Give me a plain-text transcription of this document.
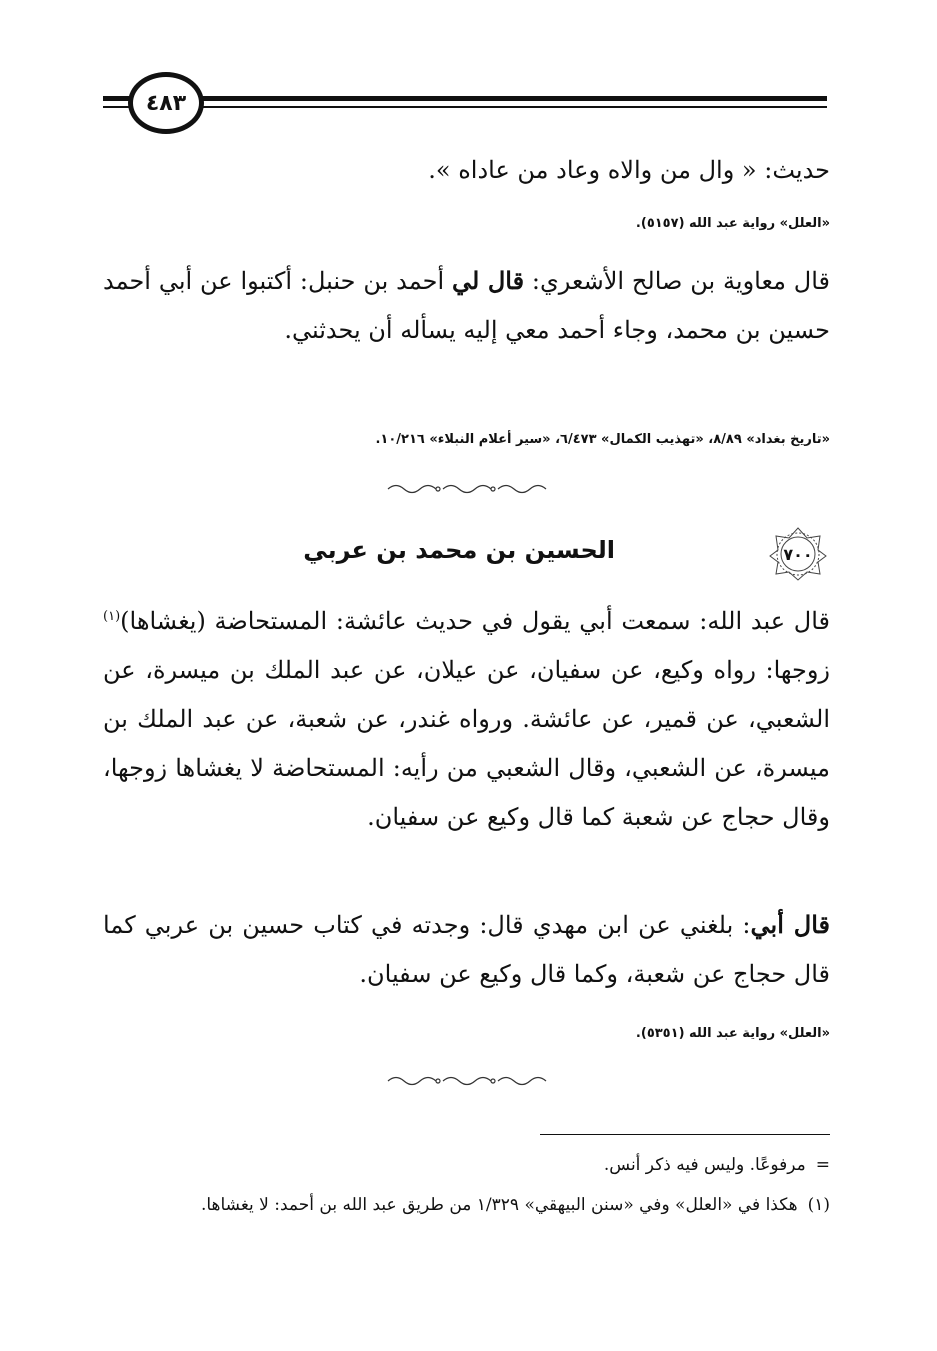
٤٨٣
حديث: « وال من والاه وعاد من عاداه ».
«العلل» رواية عبد الله (٥١٥٧).
قال معاوية بن صالح الأشعري: قال لي أحمد بن حنبل: أكتبوا عن أبي أحمد حسين بن محمد، وجاء أحمد معي إليه يسأله أن يحدثني.
«تاريخ بغداد» ٨/٨٩، «تهذيب الكمال» ٦/٤٧٣، «سير أعلام النبلاء» ١٠/٢١٦.
٧٠٠
الحسين بن محمد بن عربي
قال عبد الله: سمعت أبي يقول في حديث عائشة: المستحاضة (يغشاها)$^{(١)}$ زوجها: رواه وكيع، عن سفيان، عن عيلان، عن عبد الملك بن ميسرة، عن الشعبي، عن قمير، عن عائشة. ورواه غندر، عن شعبة، عن عبد الملك بن ميسرة، عن الشعبي، وقال الشعبي من رأيه: المستحاضة لا يغشاها زوجها، وقال حجاج عن شعبة كما قال وكيع عن سفيان.
قال أبي: بلغني عن ابن مهدي قال: وجدته في كتاب حسين بن عربي كما قال حجاج عن شعبة، وكما قال وكيع عن سفيان.
«العلل» رواية عبد الله (٥٣٥١).
=مرفوعًا. وليس فيه ذكر أنس.
(١)هكذا في «العلل» وفي «سنن البيهقي» ١/٣٢٩ من طريق عبد الله بن أحمد: لا يغشاها.
